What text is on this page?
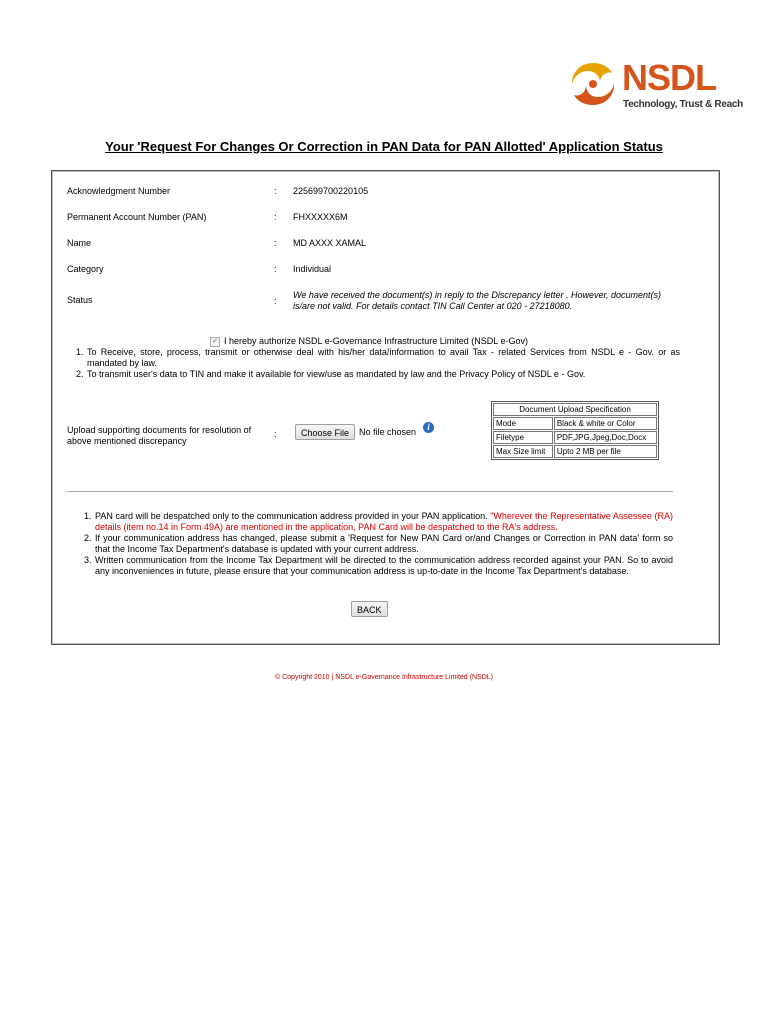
NSDL
Technology, Trust & Reach
Your 'Request For Changes Or Correction in PAN Data for PAN Allotted' Application Status
Acknowledgment Number	: 225699700220105
Permanent Account Number (PAN)	: FHXXXXX6M
Name	: MD AXXX XAMAL
Category	: Individual
Status	:
We have received the document(s) in reply to the Discrepancy letter . However, document(s) is/are not valid. For details contact TIN Call Center at 020 - 27218080.
✔ I hereby authorize NSDL e-Governance Infrastructure Limited (NSDL e-Gov)
1. To Receive, store, process, transmit or otherwise deal with his/her data/information to avail Tax - related Services from NSDL e - Gov. or as mandated by law.
2. To transmit user's data to TIN and make it available for view/use as mandated by law and the Privacy Policy of NSDL e - Gov.
Upload supporting documents for resolution of above mentioned discrepancy
:	Choose File	No file chosen	i
Document Upload Specification	
Mode	Black & white or Color
Filetype	PDF,JPG,Jpeg,Doc,Docx
Max Size limit	Upto 2 MB per file
1. PAN card will be despatched only to the communication address provided in your PAN application. "Wherever the Representative Assessee (RA) details (item no.14 in Form 49A) are mentioned in the application, PAN Card will be despatched to the RA's address.
2. If your communication address has changed, please submit a 'Request for New PAN Card or/and Changes or Correction in PAN data' form so that the Income Tax Department's database is updated with your current address.
3. Written communication from the Income Tax Department will be directed to the communication address recorded against your PAN. So to avoid any inconveniences in future, please ensure that your communication address is up-to-date in the Income Tax Department's database.
BACK
© Copyright 2010 | NSDL e-Governance Infrastructure Limited (NSDL)
